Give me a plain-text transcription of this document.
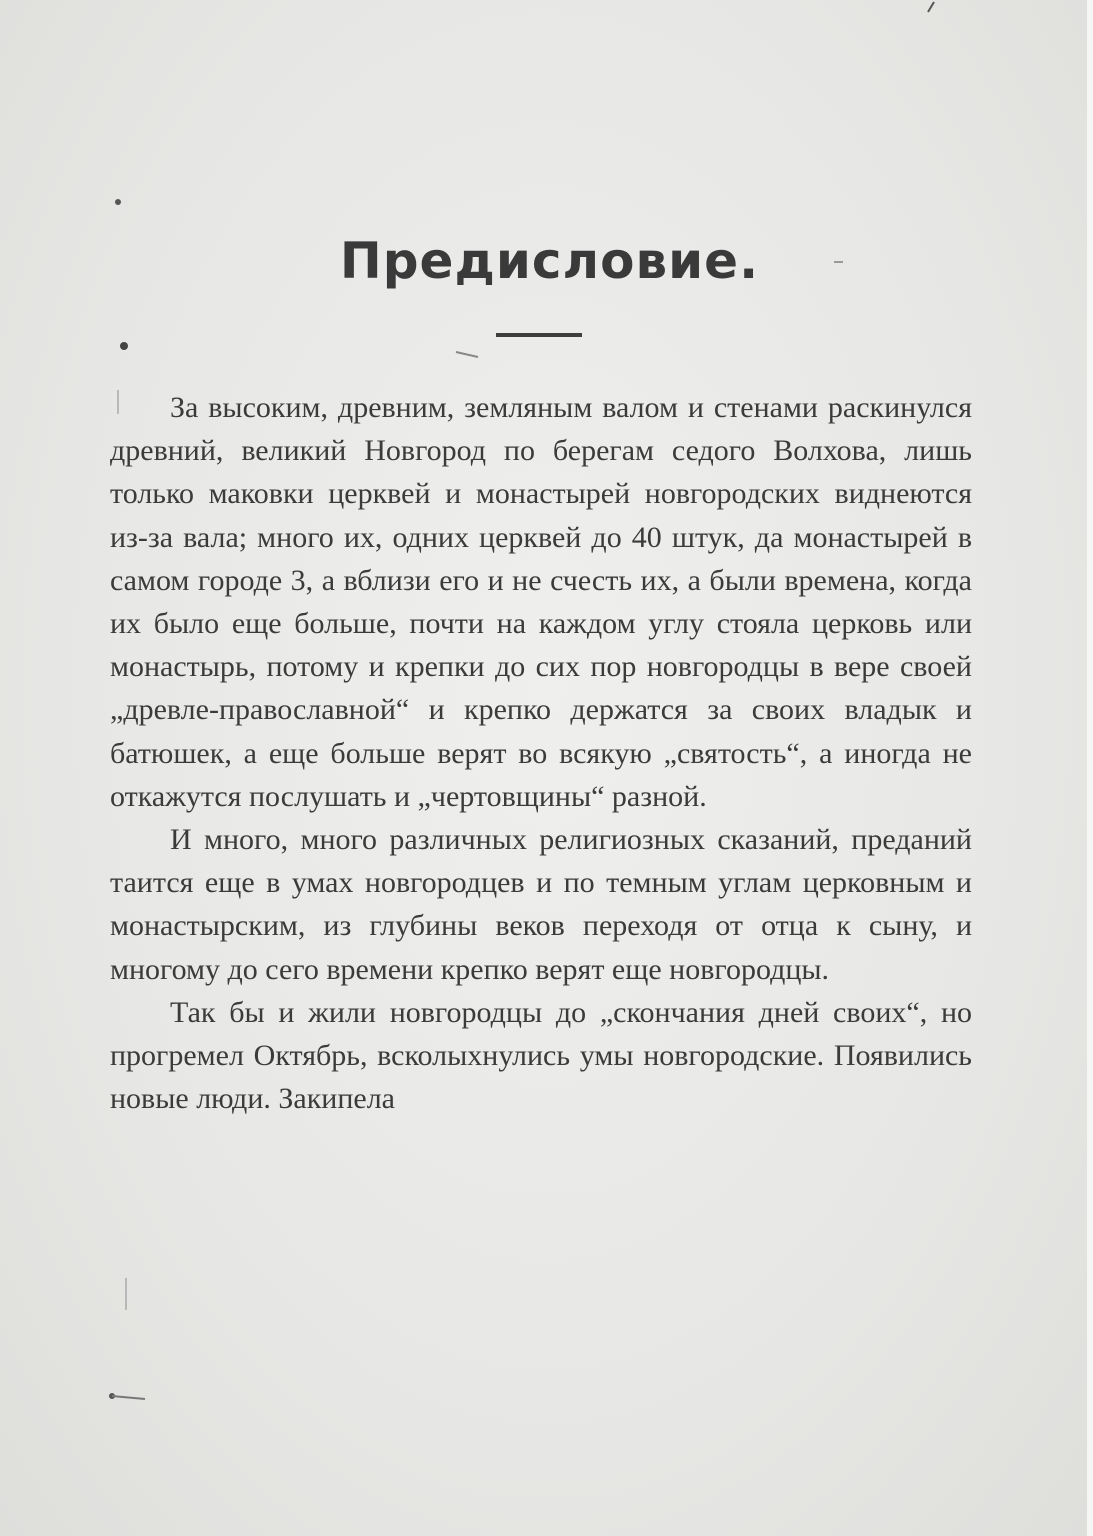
Предисловие.

За высоким, древним, земляным валом и стенами раскинулся древний, великий Новгород по берегам седого Волхова, лишь только маковки церквей и монастырей новгородских виднеются из-за вала; много их, одних церквей до 40 штук, да монастырей в самом городе 3, а вблизи его и не счесть их, а были времена, когда их было еще больше, почти на каждом углу стояла церковь или монастырь, потому и крепки до сих пор новгородцы в вере своей „древле-православной“ и крепко держатся за своих владык и батюшек, а еще больше верят во всякую „святость“, а иногда не откажутся послушать и „чертовщины“ разной.

И много, много различных религиозных сказаний, преданий таится еще в умах новгородцев и по темным углам церковным и монастырским, из глубины веков переходя от отца к сыну, и многому до сего времени крепко верят еще новгородцы.

Так бы и жили новгородцы до „скончания дней своих“, но прогремел Октябрь, всколыхнулись умы новгородские. Появились новые люди. Закипела
